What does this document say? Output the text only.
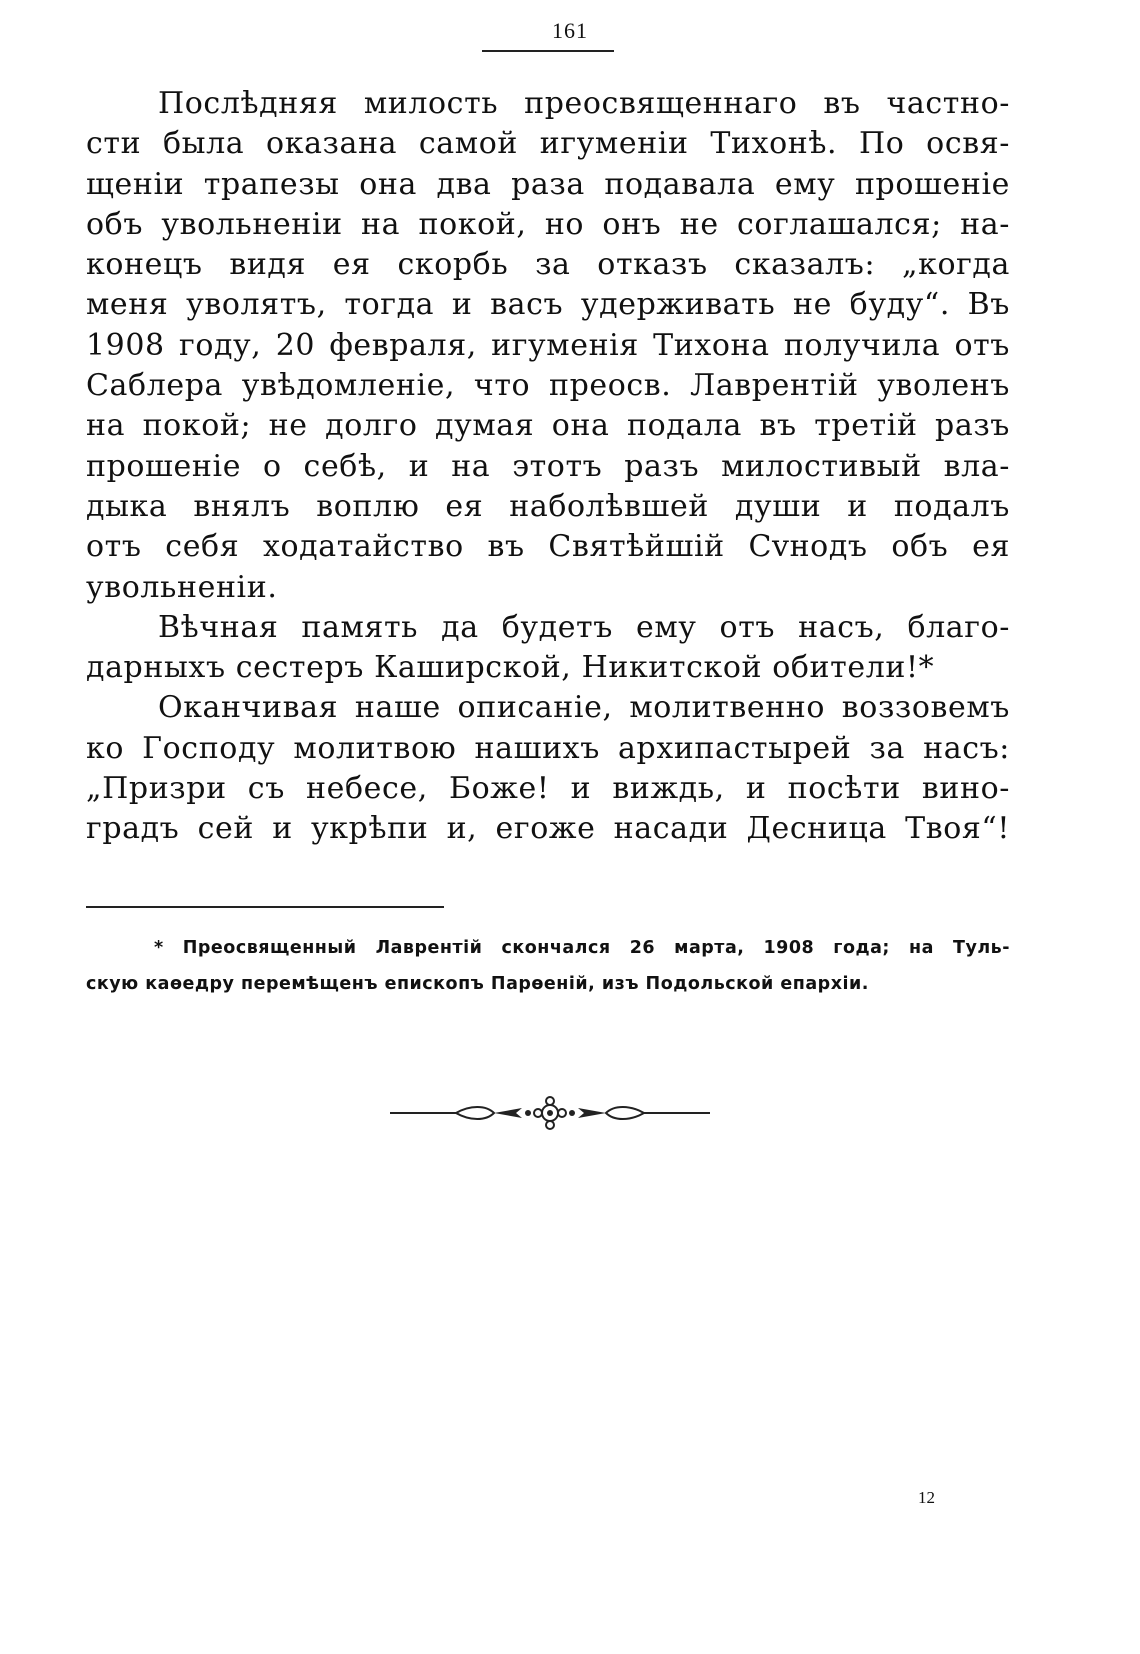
161
Послѣдняя милость преосвященнаго въ частно-
сти была оказана самой игуменіи Тихонѣ. По освя-
щеніи трапезы она два раза подавала ему прошеніе
объ увольненіи на покой, но онъ не соглашался; на-
конецъ видя ея скорбь за отказъ сказалъ: „когда
меня уволятъ, тогда и васъ удерживать не буду“. Въ
1908 году, 20 февраля, игуменія Тихона получила отъ
Саблера увѣдомленіе, что преосв. Лаврентій уволенъ
на покой; не долго думая она подала въ третій разъ
прошеніе о себѣ, и на этотъ разъ милостивый вла-
дыка внялъ воплю ея наболѣвшей души и подалъ
отъ себя ходатайство въ Святѣйшій Сvнодъ объ ея
увольненіи.
Вѣчная память да будетъ ему отъ насъ, благо-
дарныхъ сестеръ Каширской, Никитской обители!*
Оканчивая наше описаніе, молитвенно воззовемъ
ко Господу молитвою нашихъ архипастырей за насъ:
„Призри съ небесе, Боже! и виждь, и посѣти вино-
градъ сей и укрѣпи и, егоже насади Десница Твоя“!
* Преосвященный Лаврентій скончался 26 марта, 1908 года; на Туль-
скую каѳедру перемѣщенъ епископъ Парѳеній, изъ Подольской епархіи.
12
